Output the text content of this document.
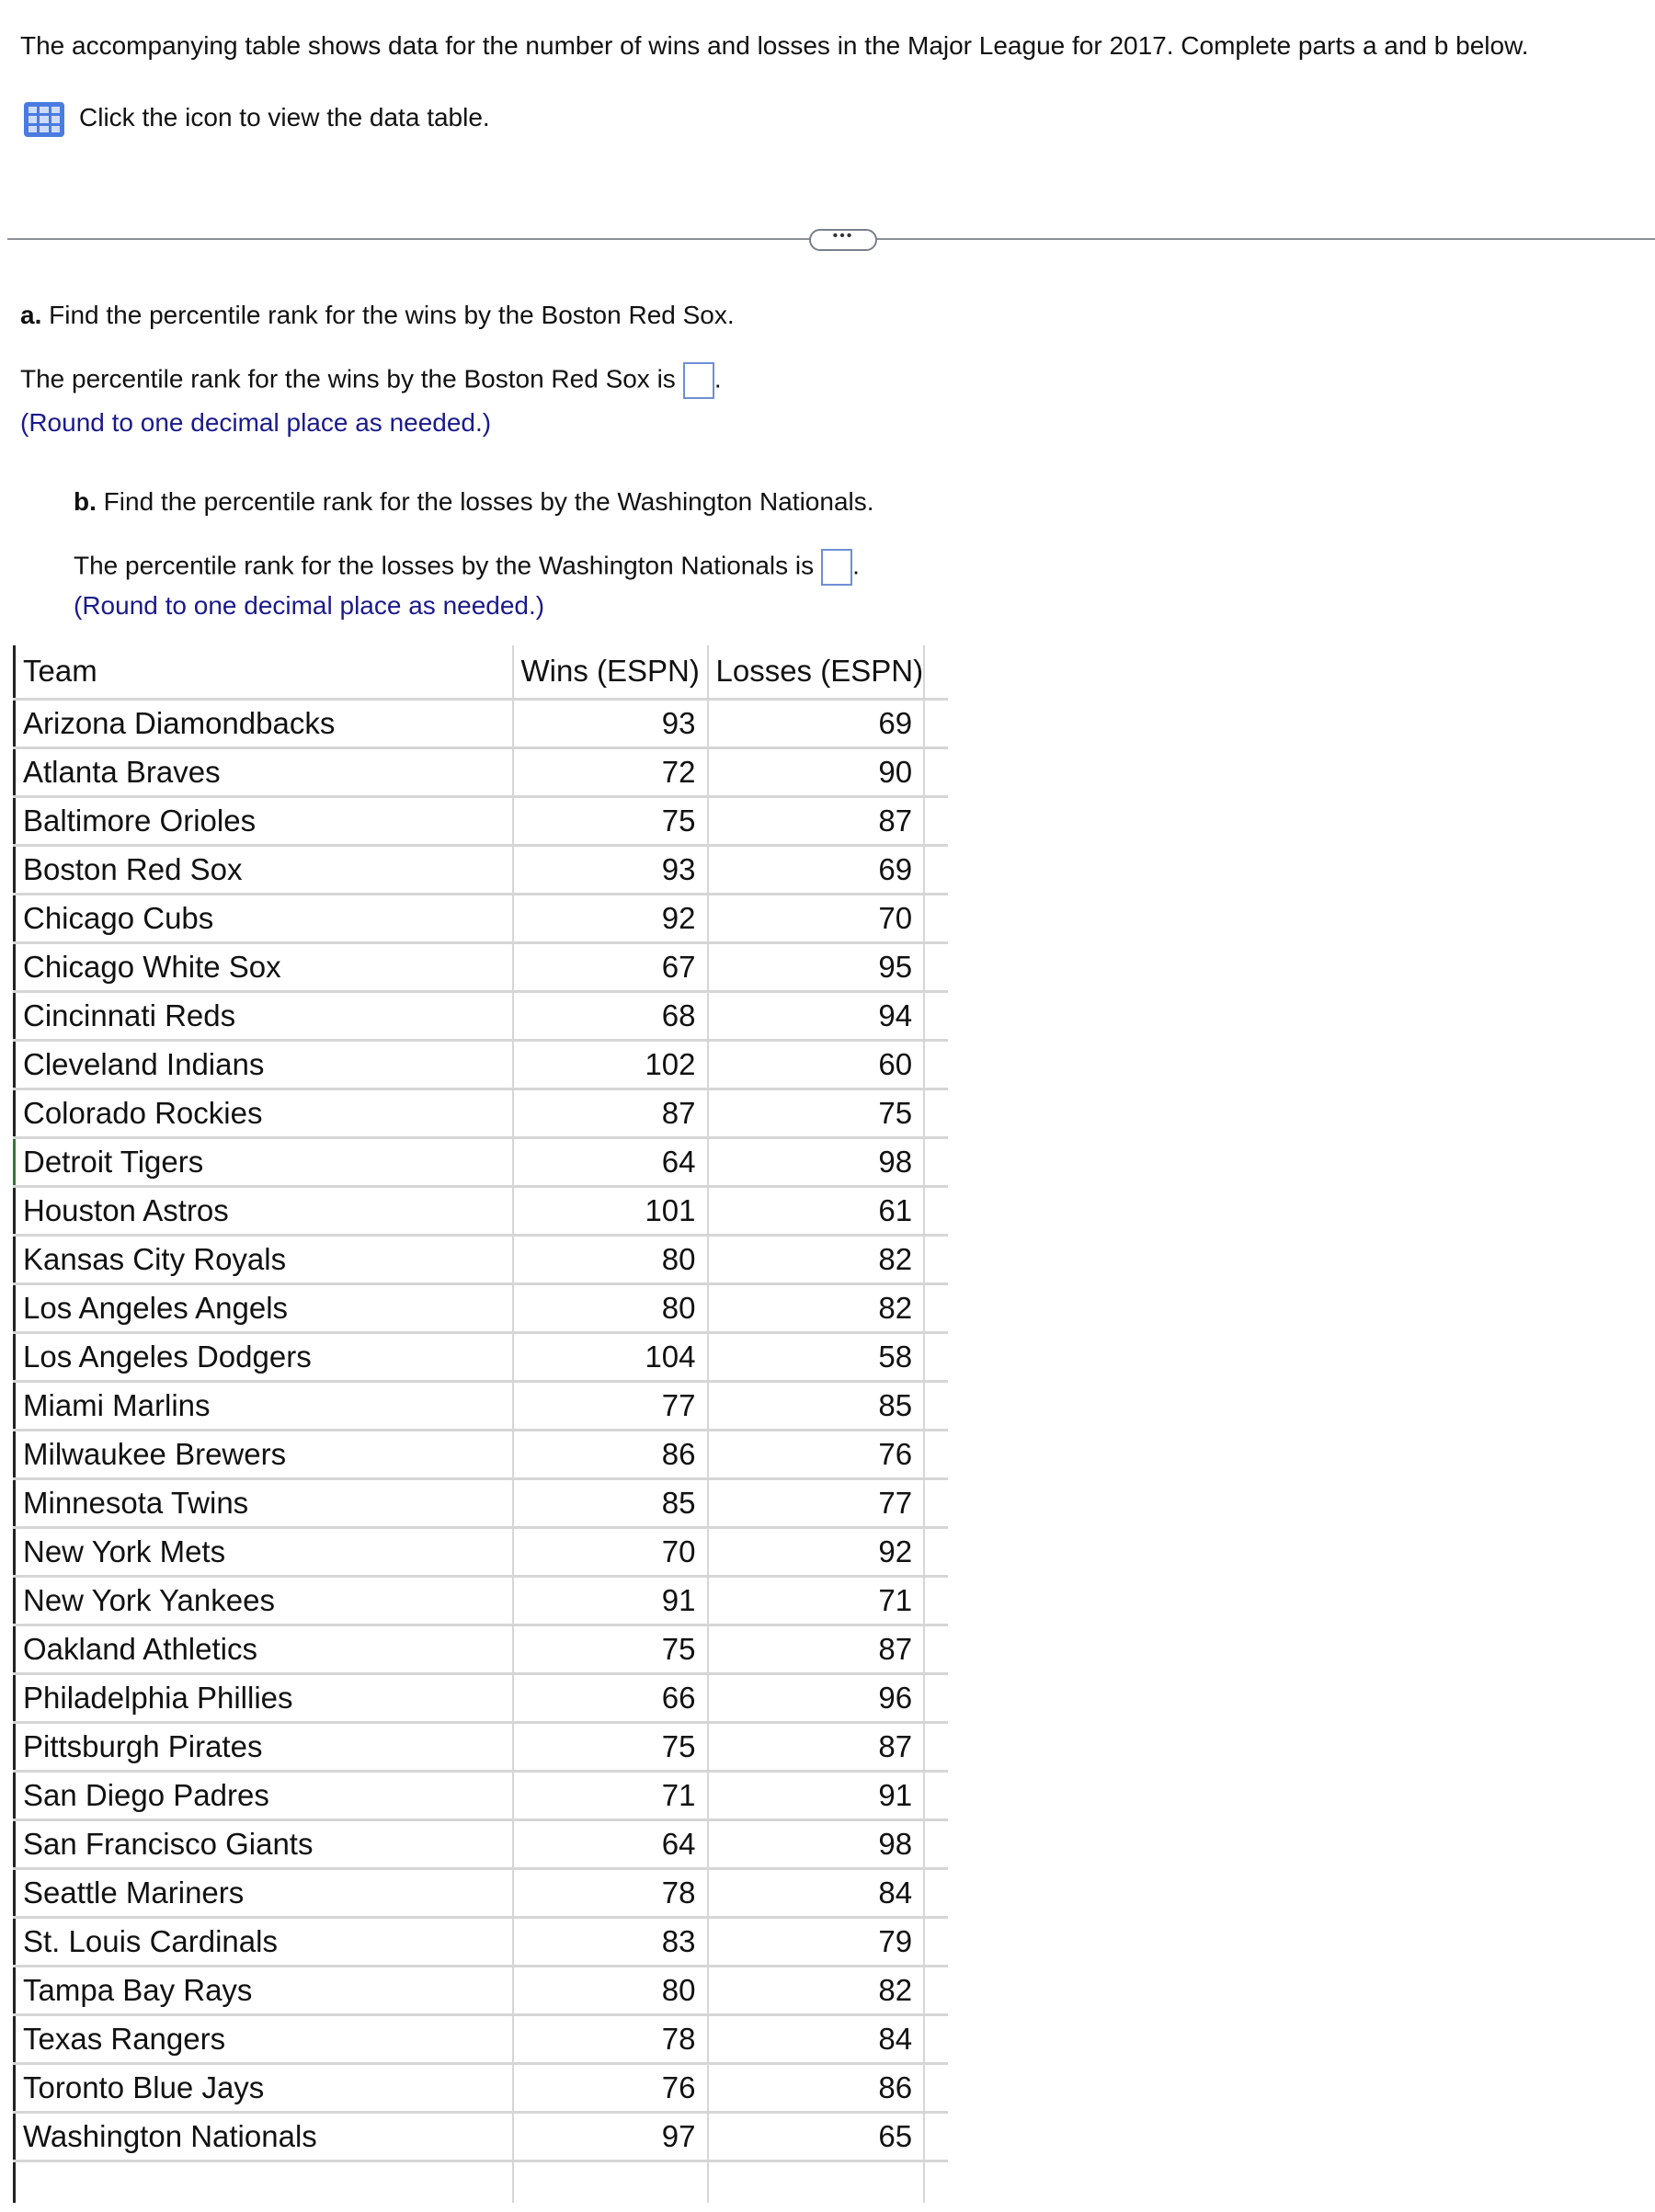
The accompanying table shows data for the number of wins and losses in the Major League for 2017. Complete parts a and b below.
Click the icon to view the data table.
•••
a. Find the percentile rank for the wins by the Boston Red Sox.
The percentile rank for the wins by the Boston Red Sox is .
(Round to one decimal place as needed.)
b. Find the percentile rank for the losses by the Washington Nationals.
The percentile rank for the losses by the Washington Nationals is .
(Round to one decimal place as needed.)
Team	Wins (ESPN)	Losses (ESPN)	
Arizona Diamondbacks	93	69	
Atlanta Braves	72	90	
Baltimore Orioles	75	87	
Boston Red Sox	93	69	
Chicago Cubs	92	70	
Chicago White Sox	67	95	
Cincinnati Reds	68	94	
Cleveland Indians	102	60	
Colorado Rockies	87	75	
Detroit Tigers	64	98	
Houston Astros	101	61	
Kansas City Royals	80	82	
Los Angeles Angels	80	82	
Los Angeles Dodgers	104	58	
Miami Marlins	77	85	
Milwaukee Brewers	86	76	
Minnesota Twins	85	77	
New York Mets	70	92	
New York Yankees	91	71	
Oakland Athletics	75	87	
Philadelphia Phillies	66	96	
Pittsburgh Pirates	75	87	
San Diego Padres	71	91	
San Francisco Giants	64	98	
Seattle Mariners	78	84	
St. Louis Cardinals	83	79	
Tampa Bay Rays	80	82	
Texas Rangers	78	84	
Toronto Blue Jays	76	86	
Washington Nationals	97	65	
